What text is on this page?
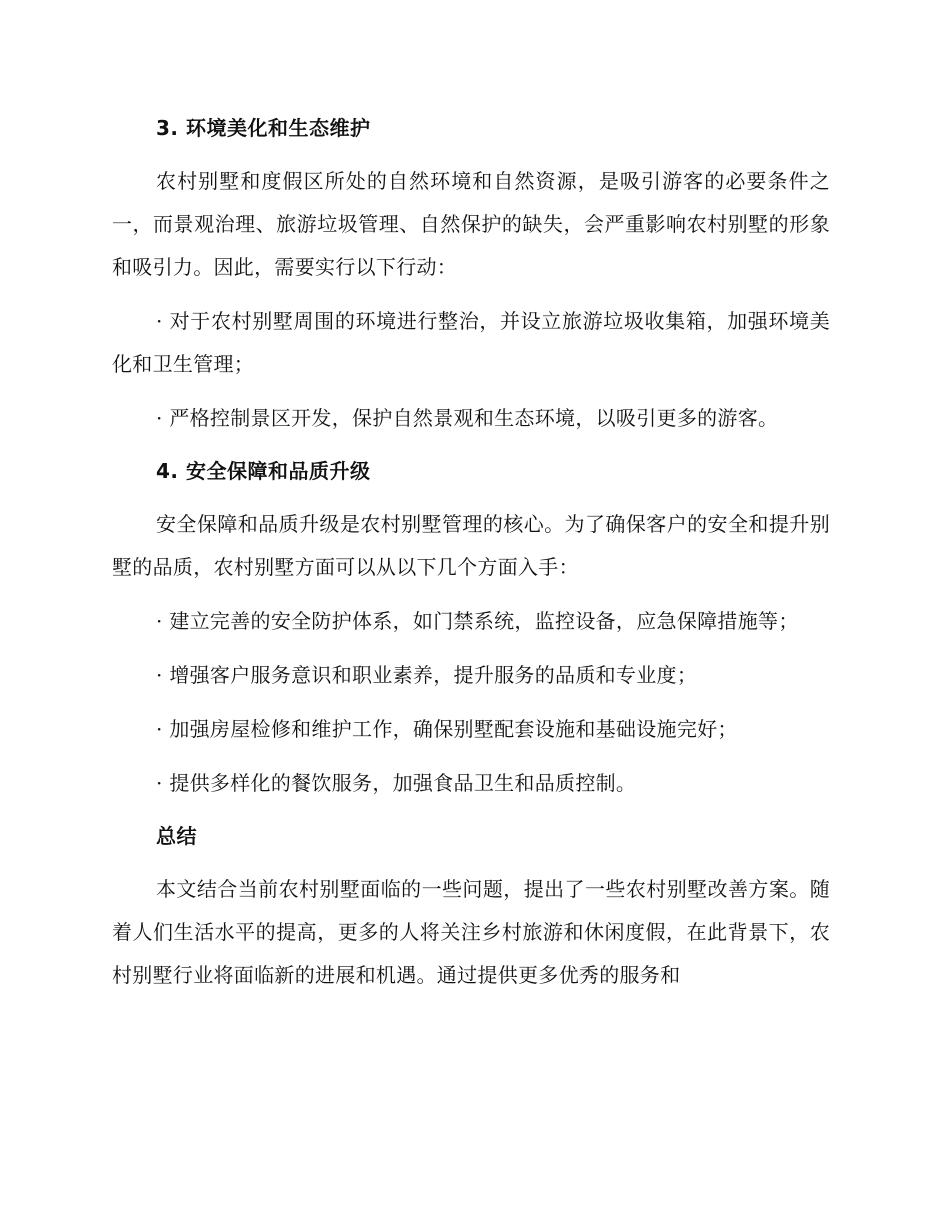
3. 环境美化和生态维护

农村别墅和度假区所处的自然环境和自然资源，是吸引游客的必要条件之一，而景观治理、旅游垃圾管理、自然保护的缺失，会严重影响农村别墅的形象和吸引力。因此，需要实行以下行动：

· 对于农村别墅周围的环境进行整治，并设立旅游垃圾收集箱，加强环境美化和卫生管理；

· 严格控制景区开发，保护自然景观和生态环境，以吸引更多的游客。

4. 安全保障和品质升级

安全保障和品质升级是农村别墅管理的核心。为了确保客户的安全和提升别墅的品质，农村别墅方面可以从以下几个方面入手：

· 建立完善的安全防护体系，如门禁系统，监控设备，应急保障措施等；

· 增强客户服务意识和职业素养，提升服务的品质和专业度；

· 加强房屋检修和维护工作，确保别墅配套设施和基础设施完好；

· 提供多样化的餐饮服务，加强食品卫生和品质控制。

总结

本文结合当前农村别墅面临的一些问题，提出了一些农村别墅改善方案。随着人们生活水平的提高，更多的人将关注乡村旅游和休闲度假，在此背景下，农村别墅行业将面临新的进展和机遇。通过提供更多优秀的服务和
